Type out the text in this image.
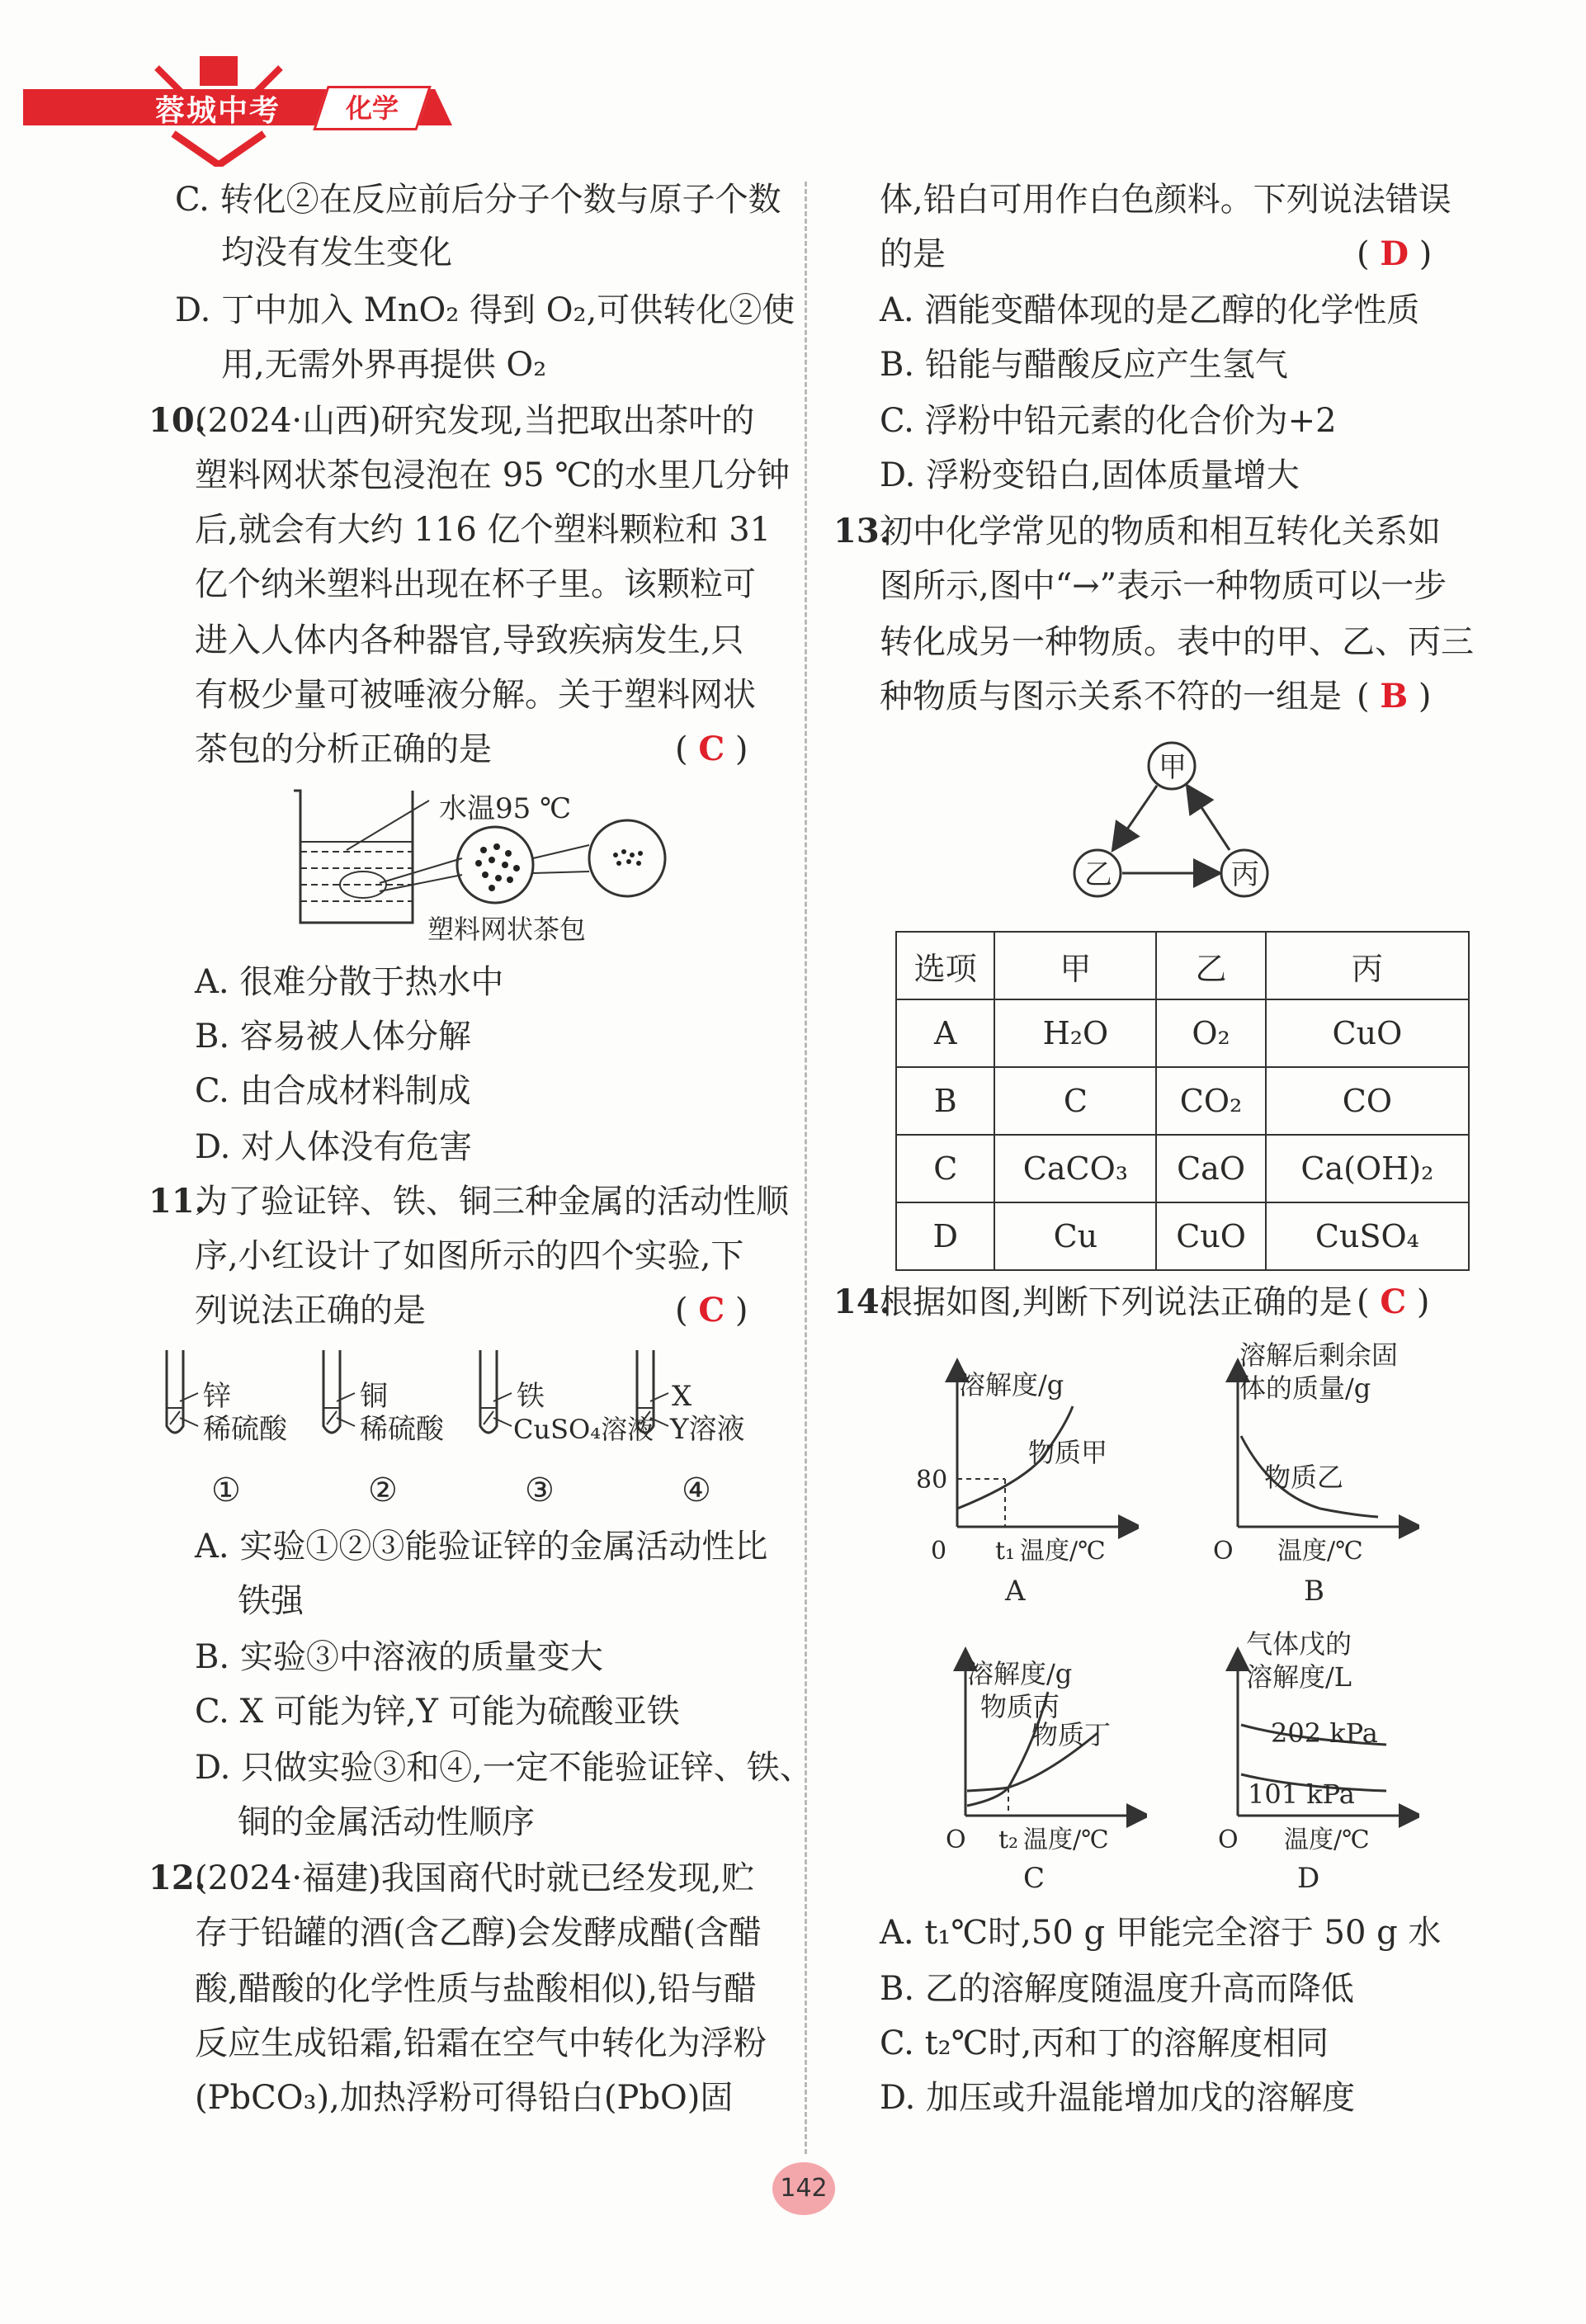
蓉城中考	化学
C. 转化②在反应前后分子个数与原子个数
均没有发生变化
D. 丁中加入 MnO₂ 得到 O₂,可供转化②使
用,无需外界再提供 O₂
10.
(2024·山西)研究发现,当把取出茶叶的
塑料网状茶包浸泡在 95 ℃的水里几分钟
后,就会有大约 116 亿个塑料颗粒和 31
亿个纳米塑料出现在杯子里。该颗粒可
进入人体内各种器官,导致疾病发生,只
有极少量可被唾液分解。关于塑料网状
茶包的分析正确的是	( C )
水温95 ℃
塑料网状茶包
A. 很难分散于热水中
B. 容易被人体分解
C. 由合成材料制成
D. 对人体没有危害
11.
为了验证锌、铁、铜三种金属的活动性顺
序,小红设计了如图所示的四个实验,下
列说法正确的是	( C )
锌
稀硫酸
铜
稀硫酸
铁
CuSO₄溶液
X
Y溶液
①	②	③	④
A. 实验①②③能验证锌的金属活动性比
铁强
B. 实验③中溶液的质量变大
C. X 可能为锌,Y 可能为硫酸亚铁
D. 只做实验③和④,一定不能验证锌、铁、
铜的金属活动性顺序
12.
(2024·福建)我国商代时就已经发现,贮
存于铅罐的酒(含乙醇)会发酵成醋(含醋
酸,醋酸的化学性质与盐酸相似),铅与醋
反应生成铅霜,铅霜在空气中转化为浮粉
(PbCO₃),加热浮粉可得铅白(PbO)固
体,铅白可用作白色颜料。下列说法错误
的是	( D )
A. 酒能变醋体现的是乙醇的化学性质
B. 铅能与醋酸反应产生氢气
C. 浮粉中铅元素的化合价为+2
D. 浮粉变铅白,固体质量增大
13.
初中化学常见的物质和相互转化关系如
图所示,图中“→”表示一种物质可以一步
转化成另一种物质。表中的甲、乙、丙三
种物质与图示关系不符的一组是 ( B )
甲
乙	丙
选项	甲	乙	丙
A	H₂O	O₂	CuO
B	C	CO₂	CO
C	CaCO₃	CaO	Ca(OH)₂
D	Cu	CuO	CuSO₄
14.
根据如图,判断下列说法正确的是 ( C )
溶解度/g
物质甲
80
0 t₁ 温度/℃
A
溶解后剩余固
体的质量/g
物质乙
O 温度/℃
B
溶解度/g
物质丙
物质丁
O t₂ 温度/℃
C
气体戊的
溶解度/L
202 kPa
101 kPa
O 温度/℃
D
A. t₁℃时,50 g 甲能完全溶于 50 g 水
B. 乙的溶解度随温度升高而降低
C. t₂℃时,丙和丁的溶解度相同
D. 加压或升温能增加戊的溶解度
142
